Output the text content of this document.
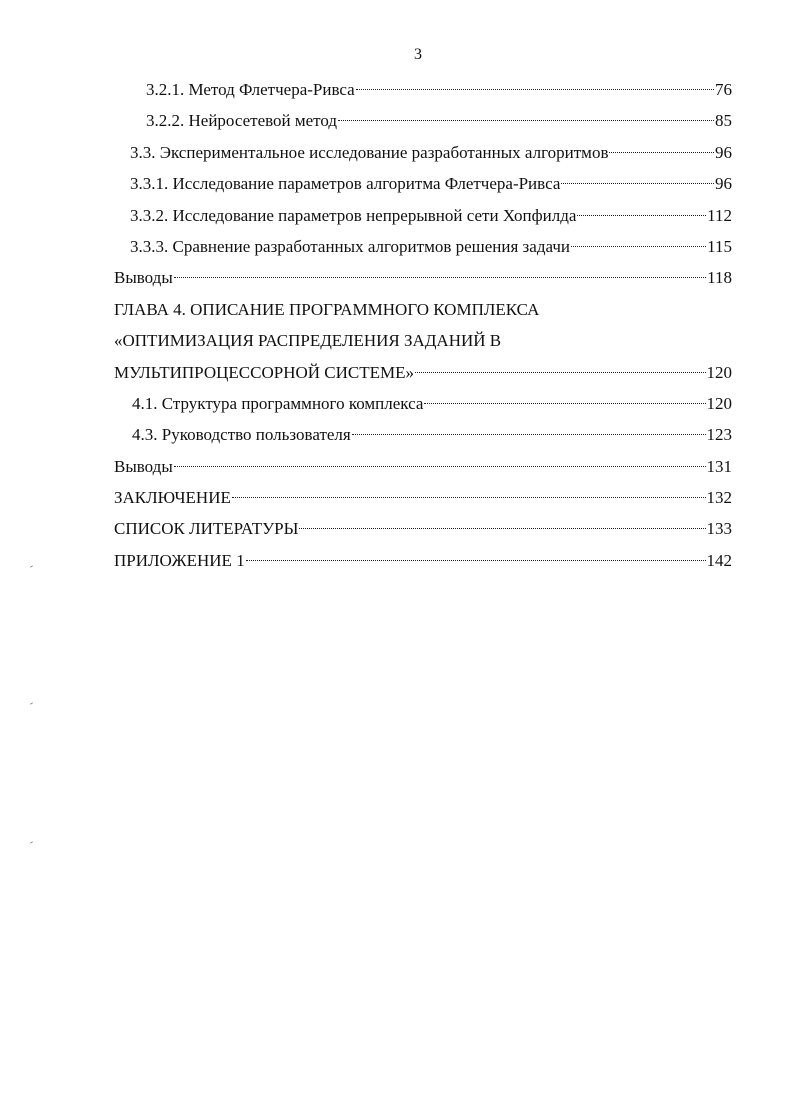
3
3.2.1. Метод Флетчера-Ривса	76
3.2.2. Нейросетевой метод	85
3.3. Экспериментальное исследование разработанных алгоритмов	96
3.3.1. Исследование параметров алгоритма Флетчера-Ривса	96
3.3.2. Исследование параметров непрерывной сети Хопфилда	112
3.3.3. Сравнение разработанных алгоритмов решения задачи	115
Выводы	118
ГЛАВА 4. ОПИСАНИЕ ПРОГРАММНОГО КОМПЛЕКСА
«ОПТИМИЗАЦИЯ РАСПРЕДЕЛЕНИЯ ЗАДАНИЙ В
МУЛЬТИПРОЦЕССОРНОЙ СИСТЕМЕ»	120
4.1. Структура программного комплекса	120
4.3. Руководство пользователя	123
Выводы	131
ЗАКЛЮЧЕНИЕ	132
СПИСОК ЛИТЕРАТУРЫ	133
ПРИЛОЖЕНИЕ 1	142
